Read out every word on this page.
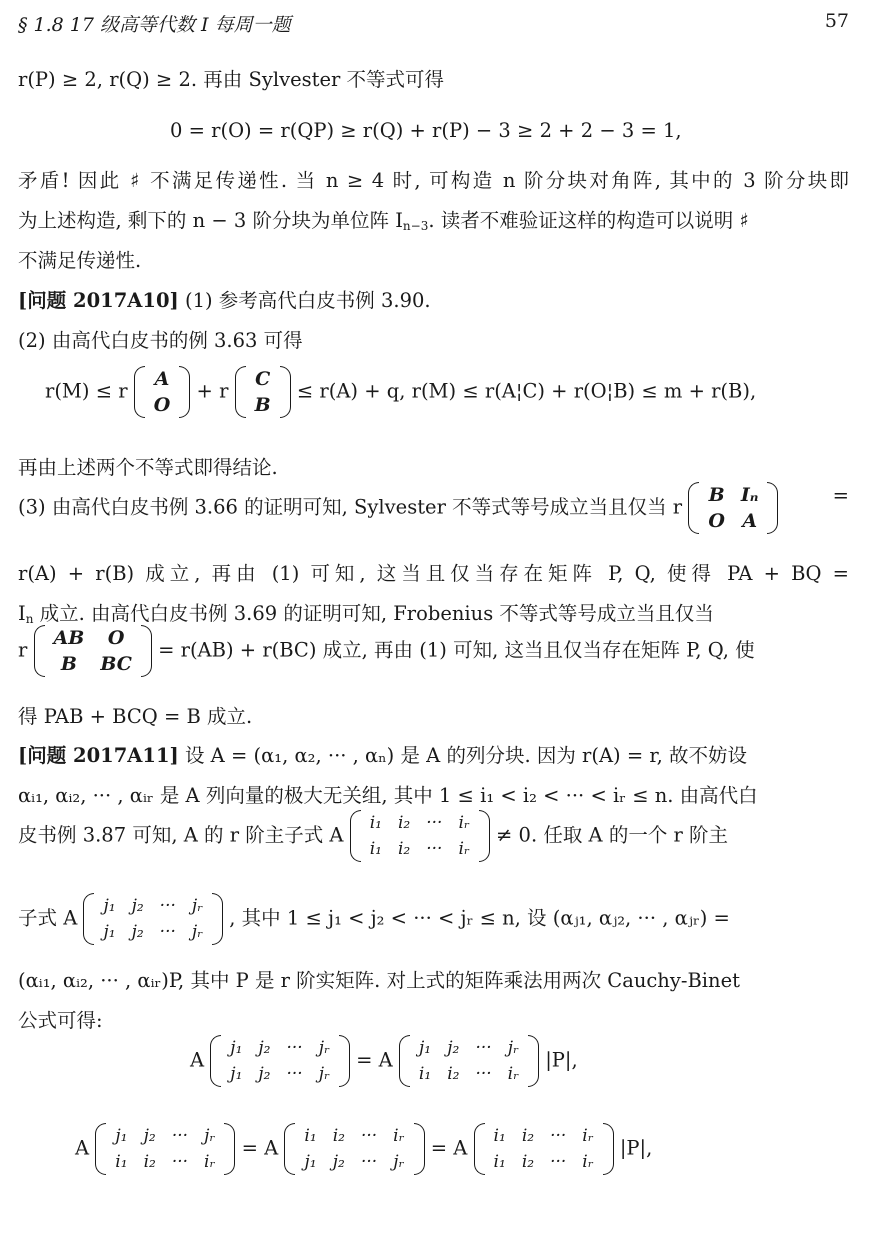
§ 1.8 17 级高等代数 I 每周一题	57
r(P) ≥ 2, r(Q) ≥ 2. 再由 Sylvester 不等式可得
0 = r(O) = r(QP) ≥ r(Q) + r(P) − 3 ≥ 2 + 2 − 3 = 1,
矛盾! 因此 ♯ 不满足传递性. 当 n ≥ 4 时, 可构造 n 阶分块对角阵, 其中的 3 阶分块即
为上述构造, 剩下的 n − 3 阶分块为单位阵 $I_{n-3}$. 读者不难验证这样的构造可以说明 ♯
不满足传递性.
[问题 2017A10] (1) 参考高代白皮书例 3.90.
(2) 由高代白皮书的例 3.63 可得
r(M) ≤ r
A
O
+ r
C
B
≤ r(A) + q, r(M) ≤ r(A¦C) + r(O¦B) ≤ m + r(B),
再由上述两个不等式即得结论.
(3) 由高代白皮书例 3.66 的证明可知, Sylvester 不等式等号成立当且仅当 r
B	Iₙ
O	A
=
r(A) + r(B) 成立, 再由 (1) 可知, 这当且仅当存在矩阵 P, Q, 使得 PA + BQ =
$I_n$ 成立. 由高代白皮书例 3.69 的证明可知, Frobenius 不等式等号成立当且仅当
r
AB	O
B	BC
= r(AB) + r(BC) 成立, 再由 (1) 可知, 这当且仅当存在矩阵 P, Q, 使
得 PAB + BCQ = B 成立.
[问题 2017A11] 设 A = (α₁, α₂, ··· , αₙ) 是 A 的列分块. 因为 r(A) = r, 故不妨设
αᵢ₁, αᵢ₂, ··· , αᵢᵣ 是 A 列向量的极大无关组, 其中 1 ≤ i₁ < i₂ < ··· < iᵣ ≤ n. 由高代白
皮书例 3.87 可知, A 的 r 阶主子式 A
i₁	i₂	···	iᵣ
i₁	i₂	···	iᵣ
≠ 0. 任取 A 的一个 r 阶主
子式 A
j₁	j₂	···	jᵣ
j₁	j₂	···	jᵣ
, 其中 1 ≤ j₁ < j₂ < ··· < jᵣ ≤ n, 设 (αⱼ₁, αⱼ₂, ··· , αⱼᵣ) =
(αᵢ₁, αᵢ₂, ··· , αᵢᵣ)P, 其中 P 是 r 阶实矩阵. 对上式的矩阵乘法用两次 Cauchy-Binet
公式可得:
A
j₁	j₂	···	jᵣ
j₁	j₂	···	jᵣ
= A
j₁	j₂	···	jᵣ
i₁	i₂	···	iᵣ
|P|,
A
j₁	j₂	···	jᵣ
i₁	i₂	···	iᵣ
= A
i₁	i₂	···	iᵣ
j₁	j₂	···	jᵣ
= A
i₁	i₂	···	iᵣ
i₁	i₂	···	iᵣ
|P|,
